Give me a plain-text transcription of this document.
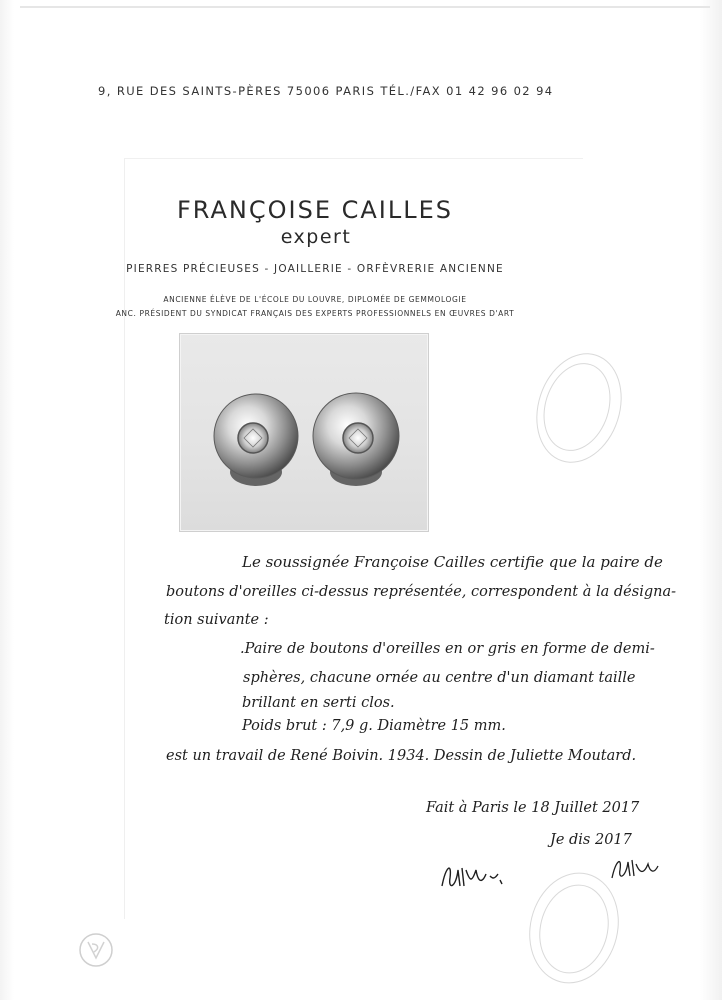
9, RUE DES SAINTS-PÈRES 75006 PARIS TÉL./FAX 01 42 96 02 94
FRANÇOISE CAILLES
expert
PIERRES PRÉCIEUSES - JOAILLERIE - ORFÈVRERIE ANCIENNE
ANCIENNE ÉLÈVE DE L'ÉCOLE DU LOUVRE, DIPLOMÉE DE GEMMOLOGIE
ANC. PRÉSIDENT DU SYNDICAT FRANÇAIS DES EXPERTS PROFESSIONNELS EN ŒUVRES D'ART
Le soussignée Françoise Cailles certifie que la paire de
boutons d'oreilles ci-dessus représentée, correspondent à la désigna-
tion suivante :
.Paire de boutons d'oreilles en or gris en forme de demi-
sphères, chacune ornée au centre d'un diamant taille
brillant en serti clos.
Poids brut : 7,9 g. Diamètre 15 mm.
est un travail de René Boivin. 1934. Dessin de Juliette Moutard.
Fait à Paris le 18 Juillet 2017
Je dis 2017
